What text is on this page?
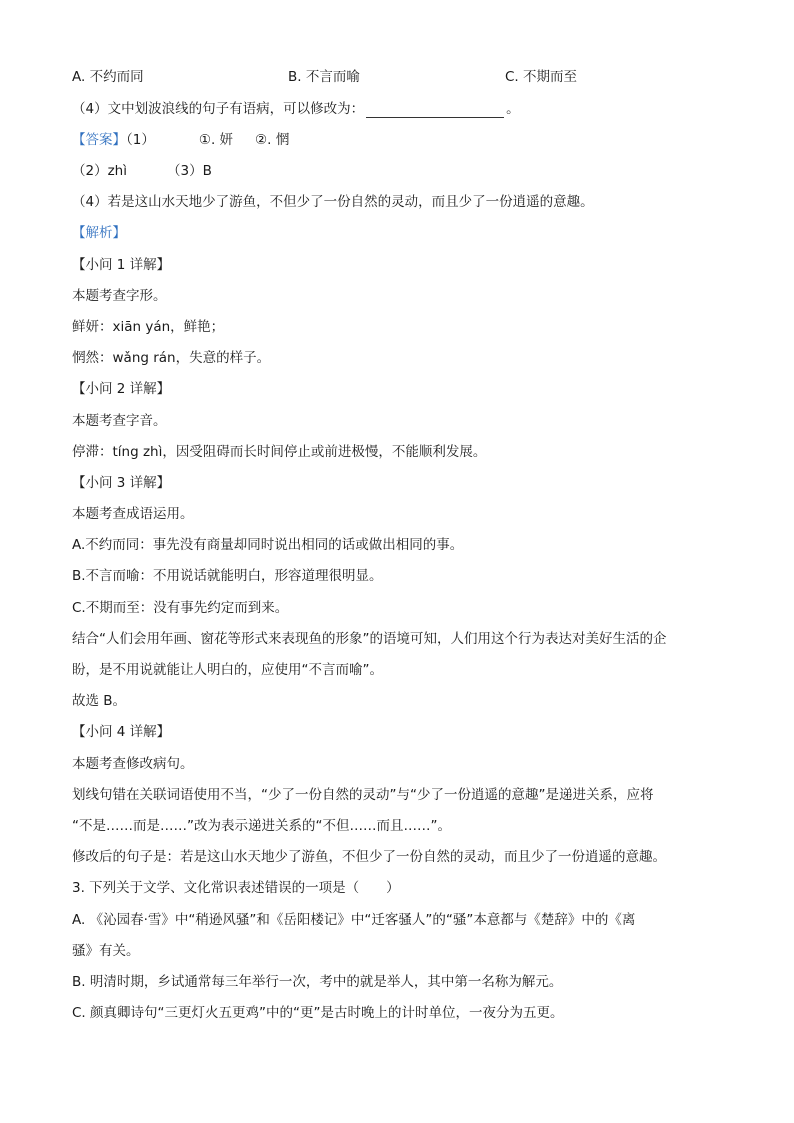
A. 不约而同	B. 不言而喻	C. 不期而至
（4）文中划波浪线的句子有语病，可以修改为：	。
【答案】（1）	①. 妍 ②. 惘
（2）zhì	（3）B
（4）若是这山水天地少了游鱼，不但少了一份自然的灵动，而且少了一份逍遥的意趣。
【解析】
【小问 1 详解】
本题考查字形。
鲜妍：xiān yán，鲜艳；
惘然：wǎng rán，失意的样子。
【小问 2 详解】
本题考查字音。
停滞：tíng zhì，因受阻碍而长时间停止或前进极慢，不能顺利发展。
【小问 3 详解】
本题考查成语运用。
A.不约而同：事先没有商量却同时说出相同的话或做出相同的事。
B.不言而喻：不用说话就能明白，形容道理很明显。
C.不期而至：没有事先约定而到来。
结合“人们会用年画、窗花等形式来表现鱼的形象”的语境可知，人们用这个行为表达对美好生活的企
盼，是不用说就能让人明白的，应使用“不言而喻”。
故选 B。
【小问 4 详解】
本题考查修改病句。
划线句错在关联词语使用不当，“少了一份自然的灵动”与“少了一份逍遥的意趣”是递进关系，应将
“不是……而是……”改为表示递进关系的“不但……而且……”。
修改后的句子是：若是这山水天地少了游鱼，不但少了一份自然的灵动，而且少了一份逍遥的意趣。
3. 下列关于文学、文化常识表述错误的一项是（　　）
A. 《沁园春·雪》中“稍逊风骚”和《岳阳楼记》中“迁客骚人”的“骚”本意都与《楚辞》中的《离
骚》有关。
B. 明清时期，乡试通常每三年举行一次，考中的就是举人，其中第一名称为解元。
C. 颜真卿诗句“三更灯火五更鸡”中的“更”是古时晚上的计时单位，一夜分为五更。
